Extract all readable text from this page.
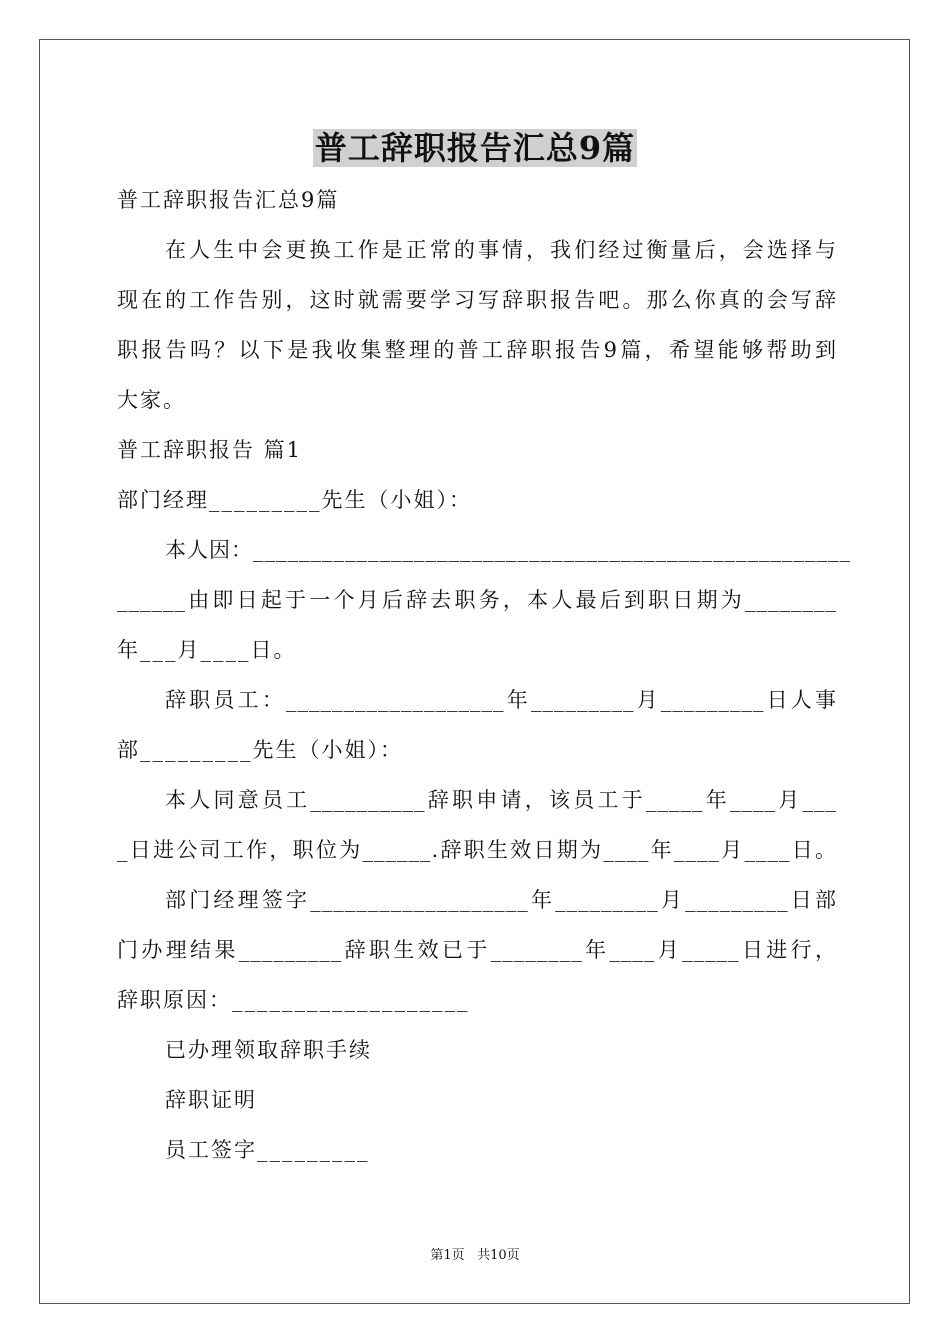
普工辞职报告汇总9篇
普工辞职报告汇总9篇
在人生中会更换工作是正常的事情，我们经过衡量后，会选择与
现在的工作告别，这时就需要学习写辞职报告吧。那么你真的会写辞
职报告吗？以下是我收集整理的普工辞职报告9篇，希望能够帮助到
大家。
普工辞职报告 篇1
部门经理_________先生（小姐）：
本人因：____________________________________________________
______由即日起于一个月后辞去职务，本人最后到职日期为________
年___月____日。
辞职员工：___________________年_________月_________日人事
部_________先生（小姐）：
本人同意员工__________辞职申请，该员工于_____年____月___
_日进公司工作，职位为______.辞职生效日期为____年____月____日。
部门经理签字___________________年_________月_________日部
门办理结果_________辞职生效已于________年____月_____日进行，
辞职原因：___________________
已办理领取辞职手续
辞职证明
员工签字_________
第1页 共10页
